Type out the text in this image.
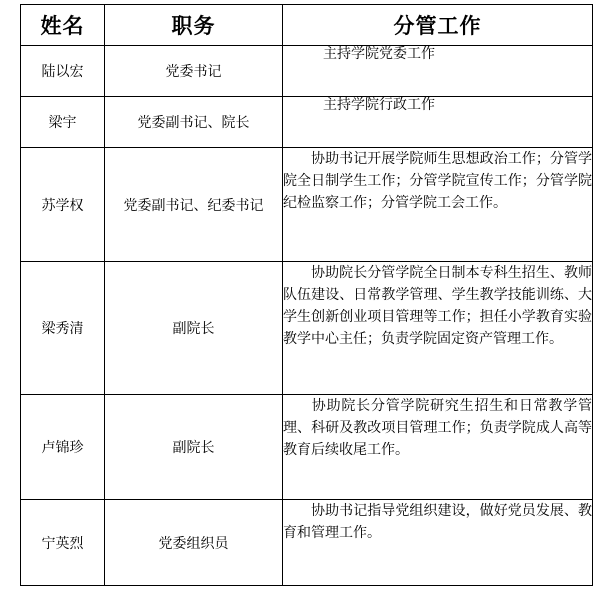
姓名	职务	分管工作
陆以宏	党委书记	主持学院党委工作
梁宇	党委副书记、院长	主持学院行政工作
苏学权	党委副书记、纪委书记	协助书记开展学院师生思想政治工作；分管学院全日制学生工作；分管学院宣传工作；分管学院纪检监察工作；分管学院工会工作。
梁秀清	副院长	协助院长分管学院全日制本专科生招生、教师队伍建设、日常教学管理、学生教学技能训练、大学生创新创业项目管理等工作；担任小学教育实验教学中心主任；负责学院固定资产管理工作。
卢锦珍	副院长	协助院长分管学院研究生招生和日常教学管理、科研及教改项目管理工作；负责学院成人高等教育后续收尾工作。
宁英烈	党委组织员	协助书记指导党组织建设，做好党员发展、教育和管理工作。
